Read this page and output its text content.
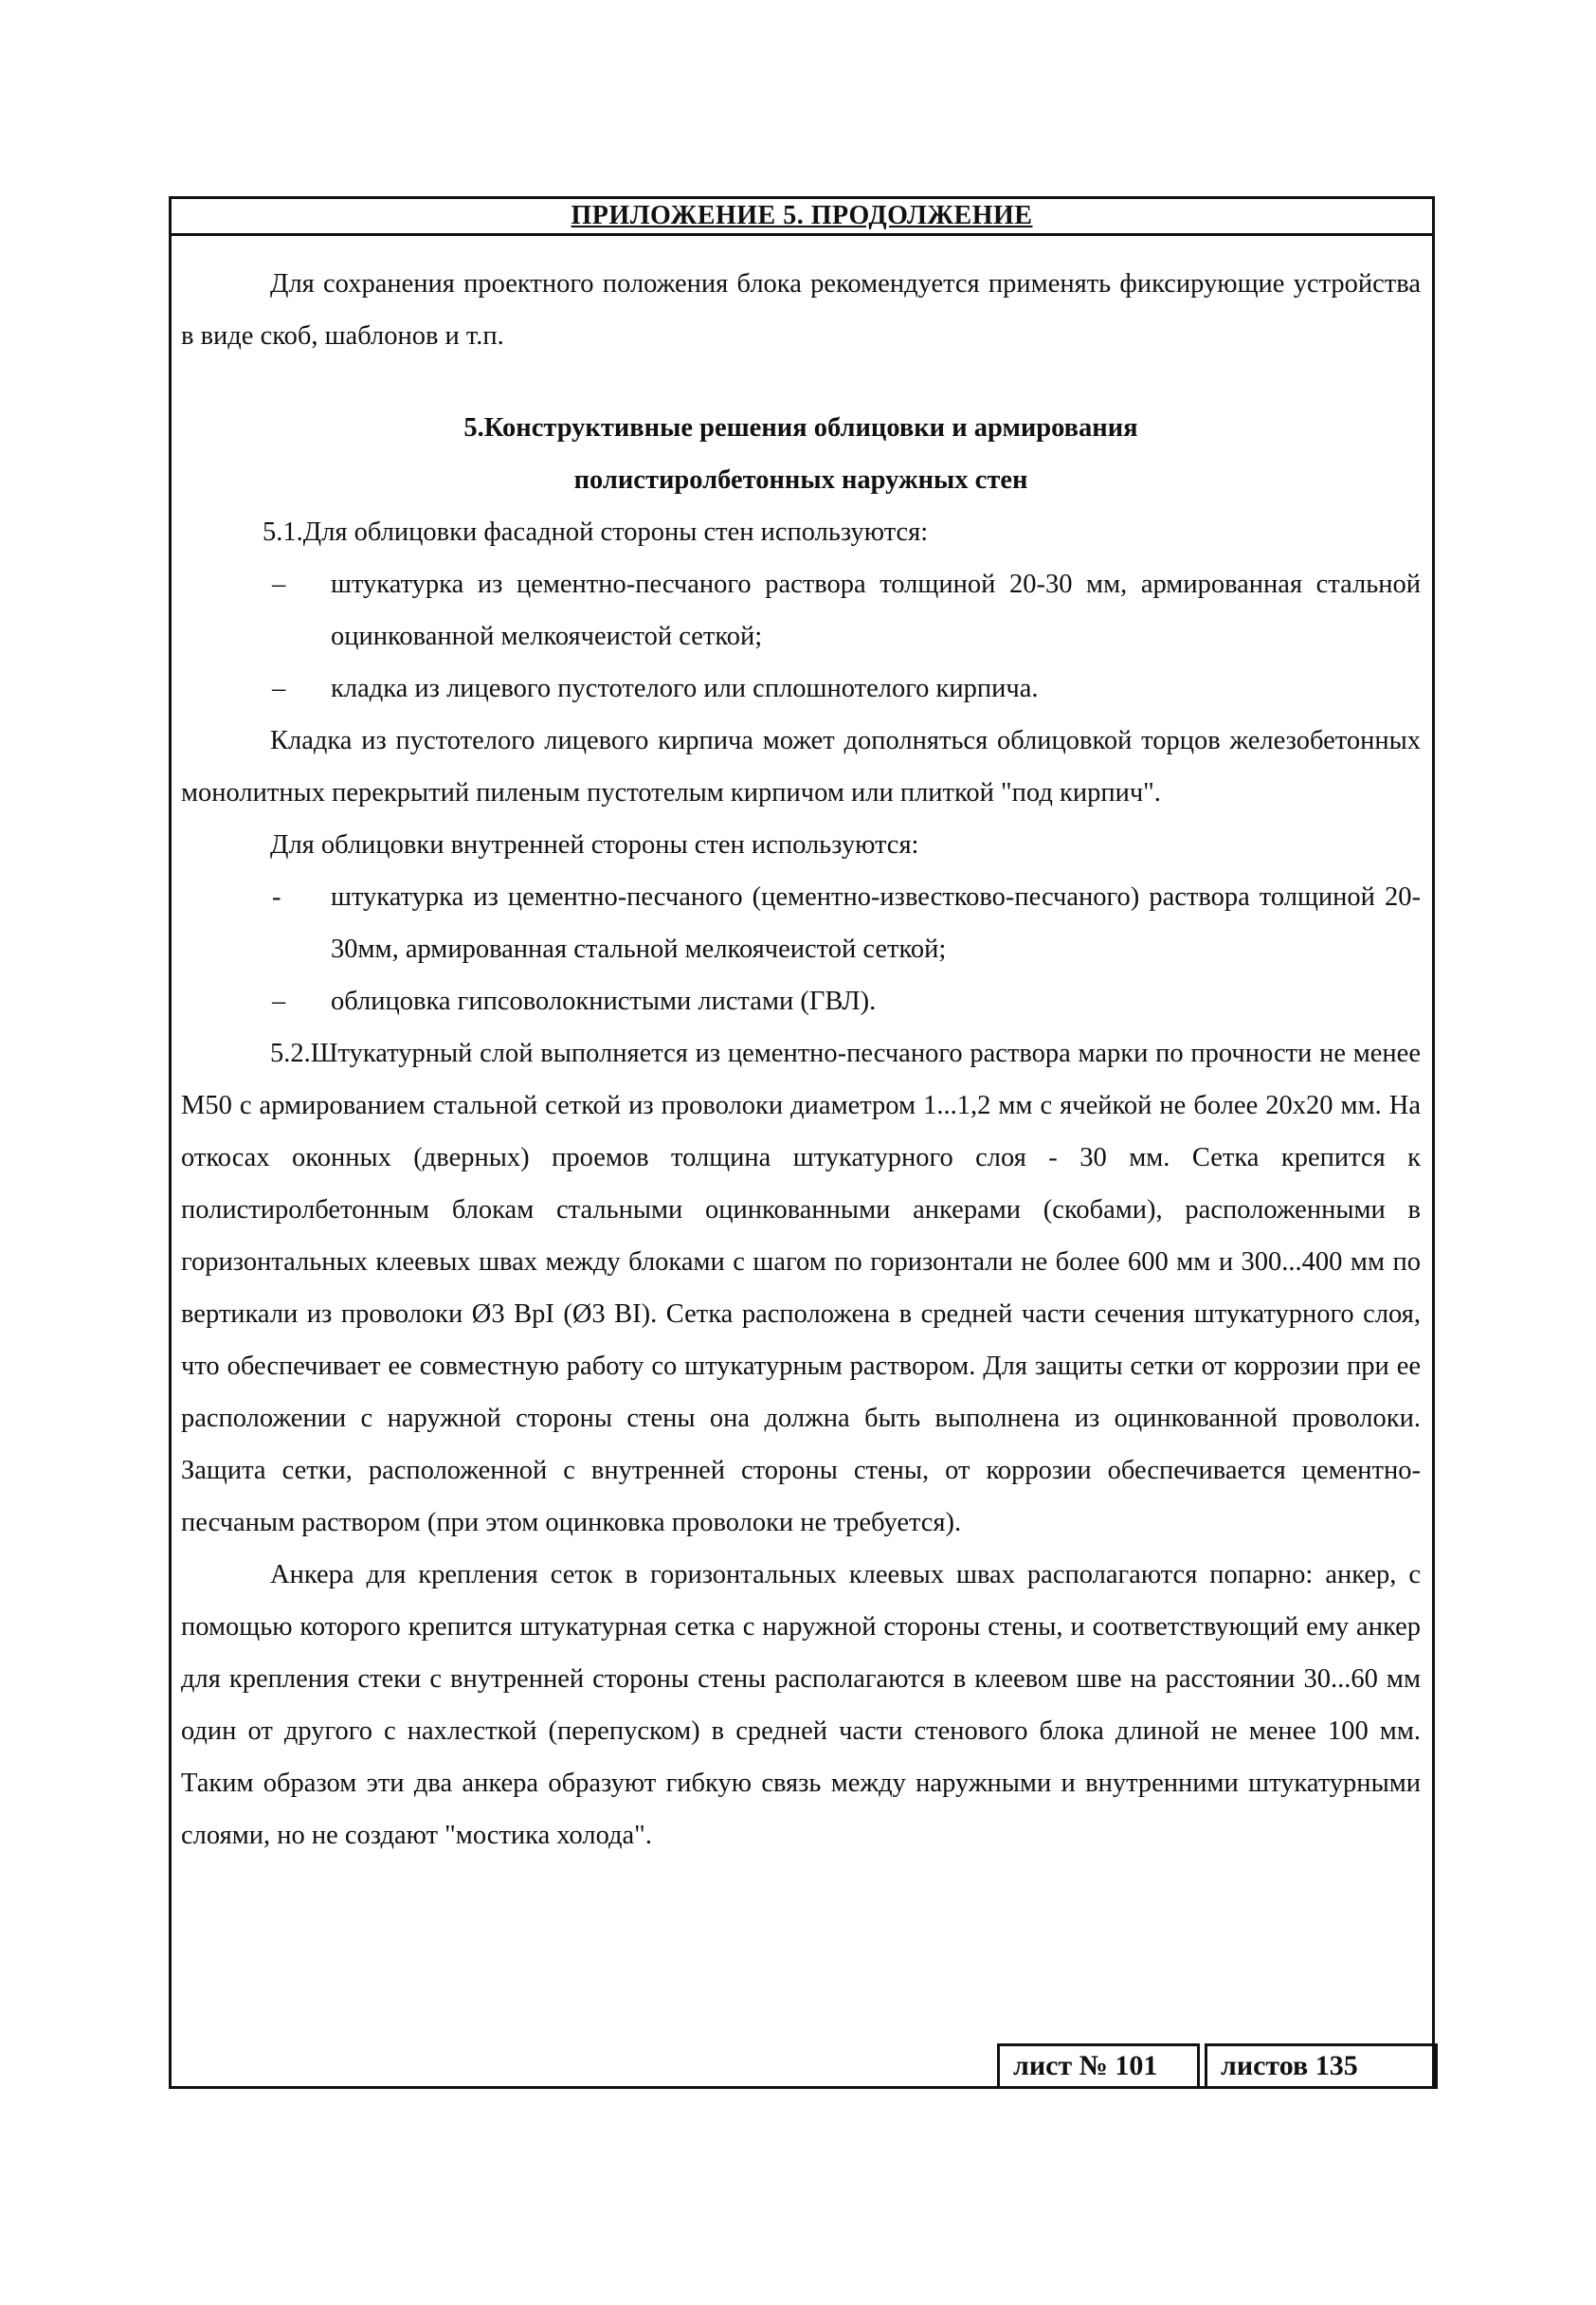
ПРИЛОЖЕНИЕ 5. ПРОДОЛЖЕНИЕ

Для сохранения проектного положения блока рекомендуется применять фиксирующие устройства в виде скоб, шаблонов и т.п.

5.Конструктивные решения облицовки и армирования
полистиролбетонных наружных стен

5.1.Для облицовки фасадной стороны стен используются:

– штукатурка из цементно-песчаного раствора толщиной 20-30 мм, армированная стальной оцинкованной мелкоячеистой сеткой;

– кладка из лицевого пустотелого или сплошнотелого кирпича.

Кладка из пустотелого лицевого кирпича может дополняться облицовкой торцов железобетонных монолитных перекрытий пиленым пустотелым кирпичом или плиткой "под кирпич".

Для облицовки внутренней стороны стен используются:

- штукатурка из цементно-песчаного (цементно-известково-песчаного) раствора толщиной 20-30мм, армированная стальной мелкоячеистой сеткой;

– облицовка гипсоволокнистыми листами (ГВЛ).

5.2.Штукатурный слой выполняется из цементно-песчаного раствора марки по прочности не менее М50 с армированием стальной сеткой из проволоки диаметром 1...1,2 мм с ячейкой не более 20х20 мм. На откосах оконных (дверных) проемов толщина штукатурного слоя - 30 мм. Сетка крепится к полистиролбетонным блокам стальными оцинкованными анкерами (скобами), расположенными в горизонтальных клеевых швах между блоками с шагом по горизонтали не более 600 мм и 300...400 мм по вертикали из проволоки Ø3 ВрI (Ø3 ВI). Сетка расположена в средней части сечения штукатурного слоя, что обеспечивает ее совместную работу со штукатурным раствором. Для защиты сетки от коррозии при ее расположении с наружной стороны стены она должна быть выполнена из оцинкованной проволоки. Защита сетки, расположенной с внутренней стороны стены, от коррозии обеспечивается цементно-песчаным раствором (при этом оцинковка проволоки не требуется).

Анкера для крепления сеток в горизонтальных клеевых швах располагаются попарно: анкер, с помощью которого крепится штукатурная сетка с наружной стороны стены, и соответствующий ему анкер для крепления стеки с внутренней стороны стены располагаются в клеевом шве на расстоянии 30...60 мм один от другого с нахлесткой (перепуском) в средней части стенового блока длиной не менее 100 мм. Таким образом эти два анкера образуют гибкую связь между наружными и внутренними штукатурными слоями, но не создают "мостика холода".

лист № 101	листов 135
